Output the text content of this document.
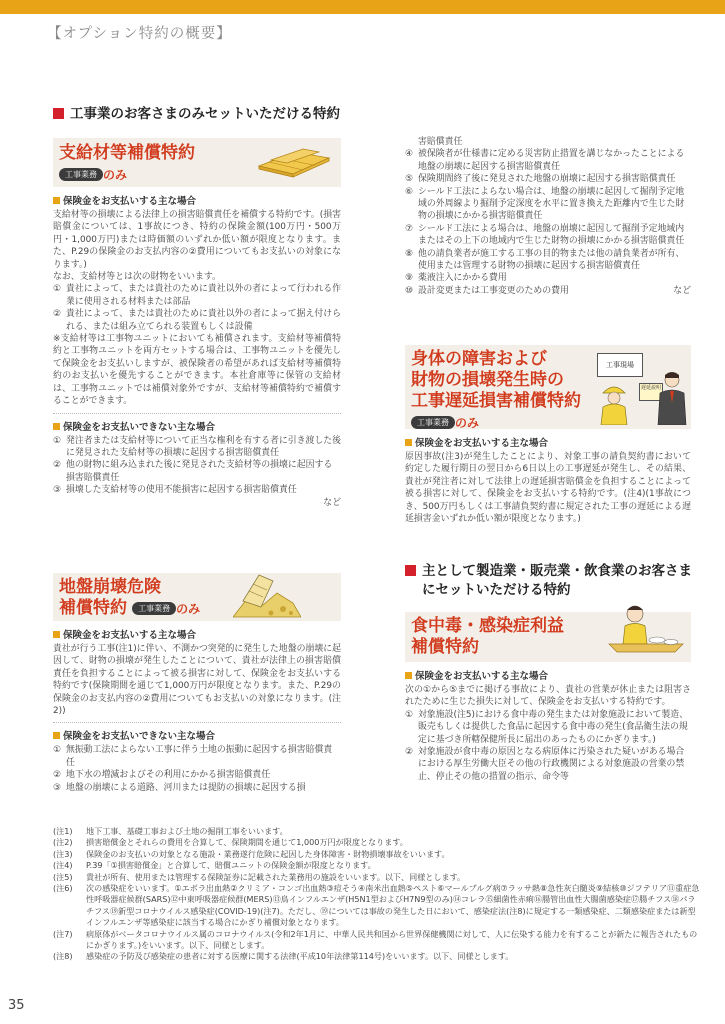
【オプション特約の概要】
工事業のお客さまのみセットいただける特約
支給材等補償特約
工事業務 のみ
保険金をお支払いする主な場合
支給材等の損壊による法律上の損害賠償責任を補償する特約です。(損害賠償金については、1事故につき、特約の保険金額(100万円・500万円・1,000万円)または時価額のいずれか低い額が限度となります。また、P.29の保険金のお支払内容の②費用についてもお支払いの対象になります。)
なお、支給材等とは次の財物をいいます。
① 貴社によって、または貴社のために貴社以外の者によって行われる作業に使用される材料または部品
② 貴社によって、または貴社のために貴社以外の者によって据え付けられる、または組み立てられる装置もしくは設備
※支給材等は工事物ユニットにおいても補償されます。支給材等補償特約と工事物ユニットを両方セットする場合は、工事物ユニットを優先して保険金をお支払いしますが、被保険者の希望があれば支給材等補償特約のお支払いを優先することができます。本社倉庫等に保管の支給材は、工事物ユニットでは補償対象外ですが、支給材等補償特約で補償することができます。
保険金をお支払いできない主な場合
① 発注者または支給材等について正当な権利を有する者に引き渡した後に発見された支給材等の損壊に起因する損害賠償責任
② 他の財物に組み込まれた後に発見された支給材等の損壊に起因する損害賠償責任
③ 損壊した支給材等の使用不能損害に起因する損害賠償責任
など
地盤崩壊危険
補償特約 工事業務 のみ
保険金をお支払いする主な場合
貴社が行う工事(注1)に伴い、不測かつ突発的に発生した地盤の崩壊に起因して、財物の損壊が発生したことについて、貴社が法律上の損害賠償責任を負担することによって被る損害に対して、保険金をお支払いする特約です(保険期間を通じて1,000万円が限度となります。また、P.29の保険金のお支払内容の②費用についてもお支払いの対象になります。(注2))
保険金をお支払いできない主な場合
① 無振動工法によらない工事に伴う土地の振動に起因する損害賠償責任
② 地下水の増減およびその利用にかかる損害賠償責任
③ 地盤の崩壊による道路、河川または提防の損壊に起因する損
害賠償責任
④ 被保険者が仕様書に定める災害防止措置を講じなかったことによる地盤の崩壊に起因する損害賠償責任
⑤ 保険期間終了後に発見された地盤の崩壊に起因する損害賠償責任
⑥ シールド工法によらない場合は、地盤の崩壊に起因して掘削予定地域の外周線より掘削予定深度を水平に置き換えた距離内で生じた財物の損壊にかかる損害賠償責任
⑦ シールド工法による場合は、地盤の崩壊に起因して掘削予定地域内またはその上下の地域内で生じた財物の損壊にかかる損害賠償責任
⑧ 他の請負業者が施工する工事の目的物または他の請負業者が所有、使用または管理する財物の損壊に起因する損害賠償責任
⑨ 薬液注入にかかる費用
⑩ 設計変更または工事変更のための費用	など
身体の障害および
財物の損壊発生時の
工事遅延損害補償特約
工事業務 のみ
工事現場
遅延説明
保険金をお支払いする主な場合
原因事故(注3)が発生したことにより、対象工事の請負契約書において約定した履行期日の翌日から6日以上の工事遅延が発生し、その結果、貴社が発注者に対して法律上の遅延損害賠償金を負担することによって被る損害に対して、保険金をお支払いする特約です。(注4)(1事故につき、500万円もしくは工事請負契約書に規定された工事の遅延による遅延損害金いずれか低い額が限度となります。)
主として製造業・販売業・飲食業のお客さま
にセットいただける特約
食中毒・感染症利益
補償特約
保険金をお支払いする主な場合
次の①から⑤までに掲げる事故により、貴社の営業が休止または阻害されたために生じた損失に対して、保険金をお支払いする特約です。
① 対象施設(注5)における食中毒の発生または対象施設において製造、販売もしくは提供した食品に起因する食中毒の発生(食品衛生法の規定に基づき所轄保健所長に届出のあったものにかぎります。)
② 対象施設が食中毒の原因となる病原体に汚染された疑いがある場合における厚生労働大臣その他の行政機関による対象施設の営業の禁止、停止その他の措置の指示、命令等
(注1)	地下工事、基礎工事および土地の掘削工事をいいます。
(注2)	損害賠償金とそれらの費用を合算して、保険期間を通じて1,000万円が限度となります。
(注3)	保険金のお支払いの対象となる施設・業務遂行危険に起因した身体障害・財物損壊事故をいいます。
(注4)	P.39「①損害賠償金」と合算して、賠償ユニットの保険金額が限度となります。
(注5)	貴社が所有、使用または管理する保険証券に記載された業務用の施設をいいます。以下、同様とします。
(注6)	次の感染症をいいます。①エボラ出血熱②クリミア・コンゴ出血熱③痘そう④南米出血熱⑤ペスト⑥マールブルグ病⑦ラッサ熱⑧急性灰白髄炎⑨結核⑩ジフテリア⑪重症急性呼吸器症候群(SARS)⑫中東呼吸器症候群(MERS)⑬鳥インフルエンザ(H5N1型およびH7N9型のみ)⑭コレラ⑮細菌性赤痢⑯腸管出血性大腸菌感染症⑰腸チフス⑱パラチフス⑲新型コロナウイルス感染症(COVID-19)(注7)。ただし、⑲については事故の発生した日において、感染症法(注8)に規定する一類感染症、二類感染症または新型インフルエンザ等感染症に該当する場合にかぎり補償対象となります。
(注7)	病原体がベータコロナウイルス属のコロナウイルス(令和2年1月に、中華人民共和国から世界保健機関に対して、人に伝染する能力を有することが新たに報告されたものにかぎります。)をいいます。以下、同様とします。
(注8)	感染症の予防及び感染症の患者に対する医療に関する法律(平成10年法律第114号)をいいます。以下、同様とします。
35
